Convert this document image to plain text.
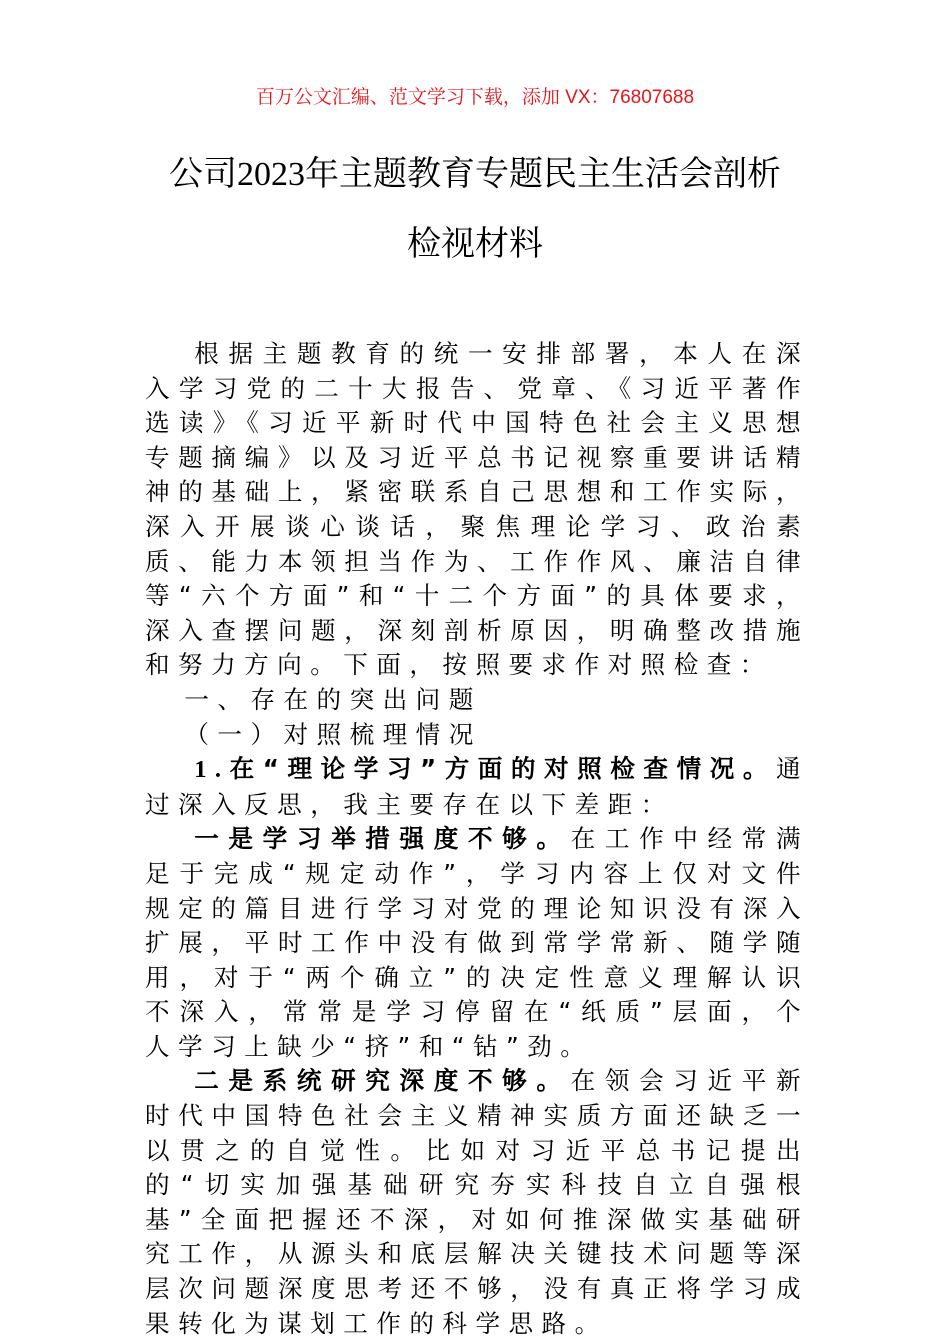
百万公文汇编、范文学习下载，添加 VX：76807688
公司2023年主题教育专题民主生活会剖析
检视材料

根据主题教育的统一安排部署，本人在深入学习党的二十大报告、党章、《习近平著作选读》《习近平新时代中国特色社会主义思想专题摘编》以及习近平总书记视察重要讲话精神的基础上，紧密联系自己思想和工作实际，深入开展谈心谈话，聚焦理论学习、政治素质、能力本领担当作为、工作作风、廉洁自律等“六个方面”和“十二个方面”的具体要求，深入查摆问题，深刻剖析原因，明确整改措施和努力方向。下面，按照要求作对照检查：

一、存在的突出问题

（一）对照梳理情况

1.在“理论学习”方面的对照检查情况。通过深入反思，我主要存在以下差距：

一是学习举措强度不够。在工作中经常满足于完成“规定动作”，学习内容上仅对文件规定的篇目进行学习对党的理论知识没有深入扩展，平时工作中没有做到常学常新、随学随用，对于“两个确立”的决定性意义理解认识不深入，常常是学习停留在“纸质”层面，个人学习上缺少“挤”和“钻”劲。

二是系统研究深度不够。在领会习近平新时代中国特色社会主义精神实质方面还缺乏一以贯之的自觉性。比如对习近平总书记提出的“切实加强基础研究夯实科技自立自强根基”全面把握还不深，对如何推深做实基础研究工作，从源头和底层解决关键技术问题等深层次问题深度思考还不够，没有真正将学习成果转化为谋划工作的科学思路。
